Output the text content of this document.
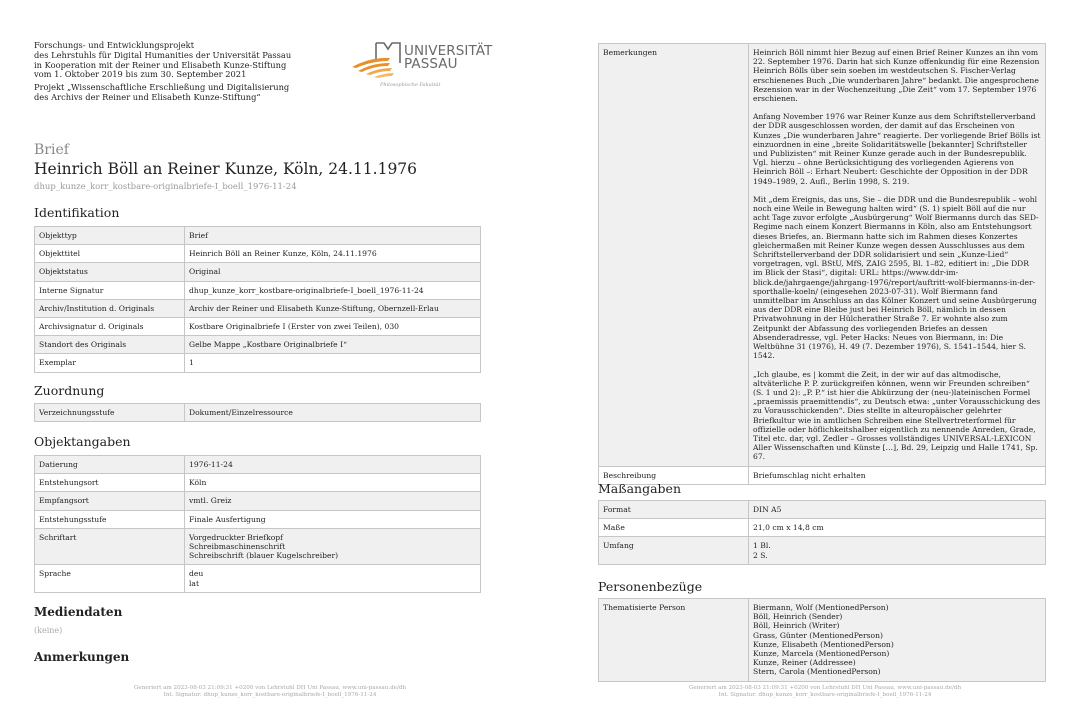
Forschungs- und Entwicklungsprojekt
des Lehrstuhls für Digital Humanities der Universität Passau
in Kooperation mit der Reiner und Elisabeth Kunze-Stiftung
vom 1. Oktober 2019 bis zum 30. September 2021
Projekt „Wissenschaftliche Erschließung und Digitalisierung
des Archivs der Reiner und Elisabeth Kunze-Stiftung“
UNIVERSITÄT
PASSAU
Philosophische Fakultät
Brief
Heinrich Böll an Reiner Kunze, Köln, 24.11.1976
dhup_kunze_korr_kostbare-originalbriefe-I_boell_1976-11-24
Identifikation
Objekttyp	Brief
Objekttitel	Heinrich Böll an Reiner Kunze, Köln, 24.11.1976
Objektstatus	Original
Interne Signatur	dhup_kunze_korr_kostbare-originalbriefe-I_boell_1976-11-24
Archiv/Institution d. Originals	Archiv der Reiner und Elisabeth Kunze-Stiftung, Obernzell-Erlau
Archivsignatur d. Originals	Kostbare Originalbriefe I (Erster von zwei Teilen), 030
Standort des Originals	Gelbe Mappe „Kostbare Originalbriefe I“
Exemplar	1
Zuordnung
Verzeichnungsstufe	Dokument/Einzelressource
Objektangaben
Datierung	1976-11-24
Entstehungsort	Köln
Empfangsort	vmtl. Greiz
Entstehungsstufe	Finale Ausfertigung
Schriftart	Vorgedruckter Briefkopf
Schreibmaschinenschrift
Schreibschrift (blauer Kugelschreiber)

Sprache	deu
lat
Mediendaten
(keine)
Anmerkungen
Generiert am 2023-08-03 21:09:31 +0200 von Lehrstuhl DH Uni Passau, www.uni-passau.de/dh
Int. Signatur: dhup_kunze_korr_kostbare-originalbriefe-I_boell_1976-11-24
Bemerkungen	Heinrich Böll nimmt hier Bezug auf einen Brief Reiner Kunzes an ihn vom 22. September 1976. Darin hat sich Kunze offenkundig für eine Rezension Heinrich Bölls über sein soeben im westdeutschen S. Fischer-Verlag erschienenes Buch „Die wunderbaren Jahre“ bedankt. Die angesprochene Rezension war in der Wochenzeitung „Die Zeit“ vom 17. September 1976 erschienen.

Anfang November 1976 war Reiner Kunze aus dem Schriftstellerverband der DDR ausgeschlossen worden, der damit auf das Erscheinen von Kunzes „Die wunderbaren Jahre“ reagierte. Der vorliegende Brief Bölls ist einzuordnen in eine „breite Solidaritätswelle [bekannter] Schriftsteller und Publizisten“ mit Reiner Kunze gerade auch in der Bundesrepublik. Vgl. hierzu – ohne Berücksichtigung des vorliegenden Agierens von Heinrich Böll –: Erhart Neubert: Geschichte der Opposition in der DDR 1949–1989, 2. Aufl., Berlin 1998, S. 219.

Mit „dem Ereignis, das uns, Sie – die DDR und die Bundesrepublik – wohl noch eine Weile in Bewegung halten wird“ (S. 1) spielt Böll auf die nur acht Tage zuvor erfolgte „Ausbürgerung“ Wolf Biermanns durch das SED-Regime nach einem Konzert Biermanns in Köln, also am Entstehungsort dieses Briefes, an. Biermann hatte sich im Rahmen dieses Konzertes gleichermaßen mit Reiner Kunze wegen dessen Ausschlusses aus dem Schriftstellerverband der DDR solidarisiert und sein „Kunze-Lied“ vorgetragen, vgl. BStU, MfS, ZAIG 2595, Bl. 1–82, editiert in: „Die DDR im Blick der Stasi“, digital: URL: https://www.ddr-im-blick.de/jahrgaenge/jahrgang-1976/report/auftritt-wolf-biermanns-in-der-sporthalle-koeln/ (eingesehen 2023-07-31). Wolf Biermann fand unmittelbar im Anschluss an das Kölner Konzert und seine Ausbürgerung aus der DDR eine Bleibe just bei Heinrich Böll, nämlich in dessen Privatwohnung in der Hülcherather Straße 7. Er wohnte also zum Zeitpunkt der Abfassung des vorliegenden Briefes an dessen Absenderadresse, vgl. Peter Hacks: Neues von Biermann, in: Die Weltbühne 31 (1976), H. 49 (7. Dezember 1976), S. 1541–1544, hier S. 1542.

„Ich glaube, es | kommt die Zeit, in der wir auf das altmodische, altväterliche P. P. zurückgreifen können, wenn wir Freunden schreiben“ (S. 1 und 2): „P. P.“ ist hier die Abkürzung der (neu-)lateinischen Formel „praemissis praemittendis“, zu Deutsch etwa: „unter Vorausschickung des zu Vorausschickenden“. Dies stellte in alteuropäischer gelehrter Briefkultur wie in amtlichen Schreiben eine Stellvertreterformel für offizielle oder höflichkeitshalber eigentlich zu nennende Anreden, Grade, Titel etc. dar, vgl. Zedler – Grosses vollständiges UNIVERSAL-LEXICON Aller Wissenschaften und Künste […], Bd. 29, Leipzig und Halle 1741, Sp. 67.

Beschreibung	Briefumschlag nicht erhalten
Maßangaben
Format	DIN A5
Maße	21,0 cm x 14,8 cm
Umfang	1 Bl.
2 S.
Personenbezüge
Thematisierte Person	Biermann, Wolf (MentionedPerson)
Böll, Heinrich (Sender)
Böll, Heinrich (Writer)
Grass, Günter (MentionedPerson)
Kunze, Elisabeth (MentionedPerson)
Kunze, Marcela (MentionedPerson)
Kunze, Reiner (Addressee)
Stern, Carola (MentionedPerson)
Generiert am 2023-08-03 21:09:31 +0200 von Lehrstuhl DH Uni Passau, www.uni-passau.de/dh
Int. Signatur: dhup_kunze_korr_kostbare-originalbriefe-I_boell_1976-11-24
